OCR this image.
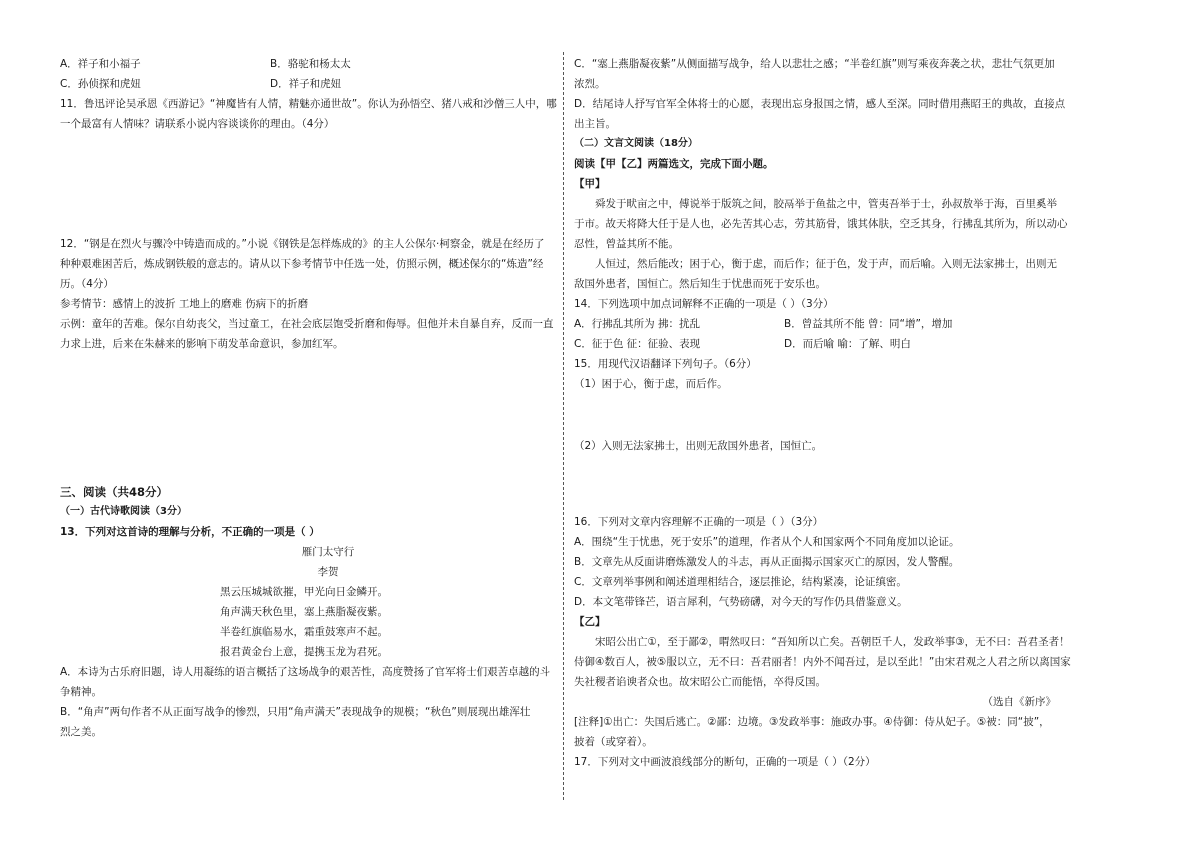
A．祥子和小福子	B．骆驼和杨太太
C．孙侦探和虎妞	D．祥子和虎妞
11．鲁迅评论吴承恩《西游记》“神魔皆有人情，精魅亦通世故”。你认为孙悟空、猪八戒和沙僧三人中，哪
一个最富有人情味？请联系小说内容谈谈你的理由。（4分）
12．“钢是在烈火与骤冷中铸造而成的。”小说《钢铁是怎样炼成的》的主人公保尔·柯察金，就是在经历了
种种艰难困苦后，炼成钢铁般的意志的。请从以下参考情节中任选一处，仿照示例，概述保尔的“炼造”经
历。（4分）
参考情节：感情上的波折 工地上的磨难 伤病下的折磨
示例：童年的苦难。保尔自幼丧父，当过童工，在社会底层饱受折磨和侮辱。但他并未自暴自弃，反而一直
力求上进，后来在朱赫来的影响下萌发革命意识，参加红军。
三、阅读（共48分）
（一）古代诗歌阅读（3分）
13．下列对这首诗的理解与分析，不正确的一项是（ ）
雁门太守行
李贺
黑云压城城欲摧，甲光向日金鳞开。
角声满天秋色里，塞上燕脂凝夜紫。
半卷红旗临易水，霜重鼓寒声不起。
报君黄金台上意，提携玉龙为君死。
A．本诗为古乐府旧题，诗人用凝练的语言概括了这场战争的艰苦性，高度赞扬了官军将士们艰苦卓越的斗
争精神。
B．“角声”两句作者不从正面写战争的惨烈，只用“角声满天”表现战争的规模；“秋色”则展现出雄浑壮
烈之美。
C．“塞上燕脂凝夜紫”从侧面描写战争，给人以悲壮之感；“半卷红旗”则写乘夜奔袭之状，悲壮气氛更加
浓烈。
D．结尾诗人抒写官军全体将士的心愿，表现出忘身报国之情，感人至深。同时借用燕昭王的典故，直接点
出主旨。
（二）文言文阅读（18分）
阅读【甲【乙】两篇选文，完成下面小题。
【甲】
舜发于畎亩之中，傅说举于版筑之间，胶鬲举于鱼盐之中，管夷吾举于士，孙叔敖举于海，百里奚举
于市。故天将降大任于是人也，必先苦其心志，劳其筋骨，饿其体肤，空乏其身，行拂乱其所为，所以动心
忍性，曾益其所不能。
人恒过，然后能改；困于心，衡于虑，而后作；征于色，发于声，而后喻。入则无法家拂士，出则无
敌国外患者，国恒亡。然后知生于忧患而死于安乐也。
14．下列选项中加点词解释不正确的一项是（ ）（3分）
A．行拂乱其所为 拂：扰乱	B．曾益其所不能 曾：同“增”，增加
C．征于色 征：征验、表现	D．而后喻 喻：了解、明白
15．用现代汉语翻译下列句子。（6分）
（1）困于心，衡于虑，而后作。
（2）入则无法家拂士，出则无敌国外患者，国恒亡。
16．下列对文章内容理解不正确的一项是（ ）（3分）
A．围绕“生于忧患，死于安乐”的道理，作者从个人和国家两个不同角度加以论证。
B．文章先从反面讲磨炼激发人的斗志，再从正面揭示国家灭亡的原因，发人警醒。
C．文章列举事例和阐述道理相结合，逐层推论，结构紧凑，论证缜密。
D．本文笔带锋芒，语言犀利，气势磅礴，对今天的写作仍具借鉴意义。
【乙】
宋昭公出亡①，至于鄙②，喟然叹曰：“吾知所以亡矣。吾朝臣千人，发政举事③，无不曰：吾君圣者！
侍御④数百人，被⑤服以立，无不曰：吾君丽者！内外不闻吾过，是以至此！”由宋君观之人君之所以离国家
失社稷者谄谀者众也。故宋昭公亡而能悟，卒得反国。
（选自《新序》
[注释]①出亡：失国后逃亡。②鄙：边境。③发政举事：施政办事。④侍御：侍从妃子。⑤被：同“披”，
披着（或穿着）。
17．下列对文中画波浪线部分的断句，正确的一项是（ ）（2分）
